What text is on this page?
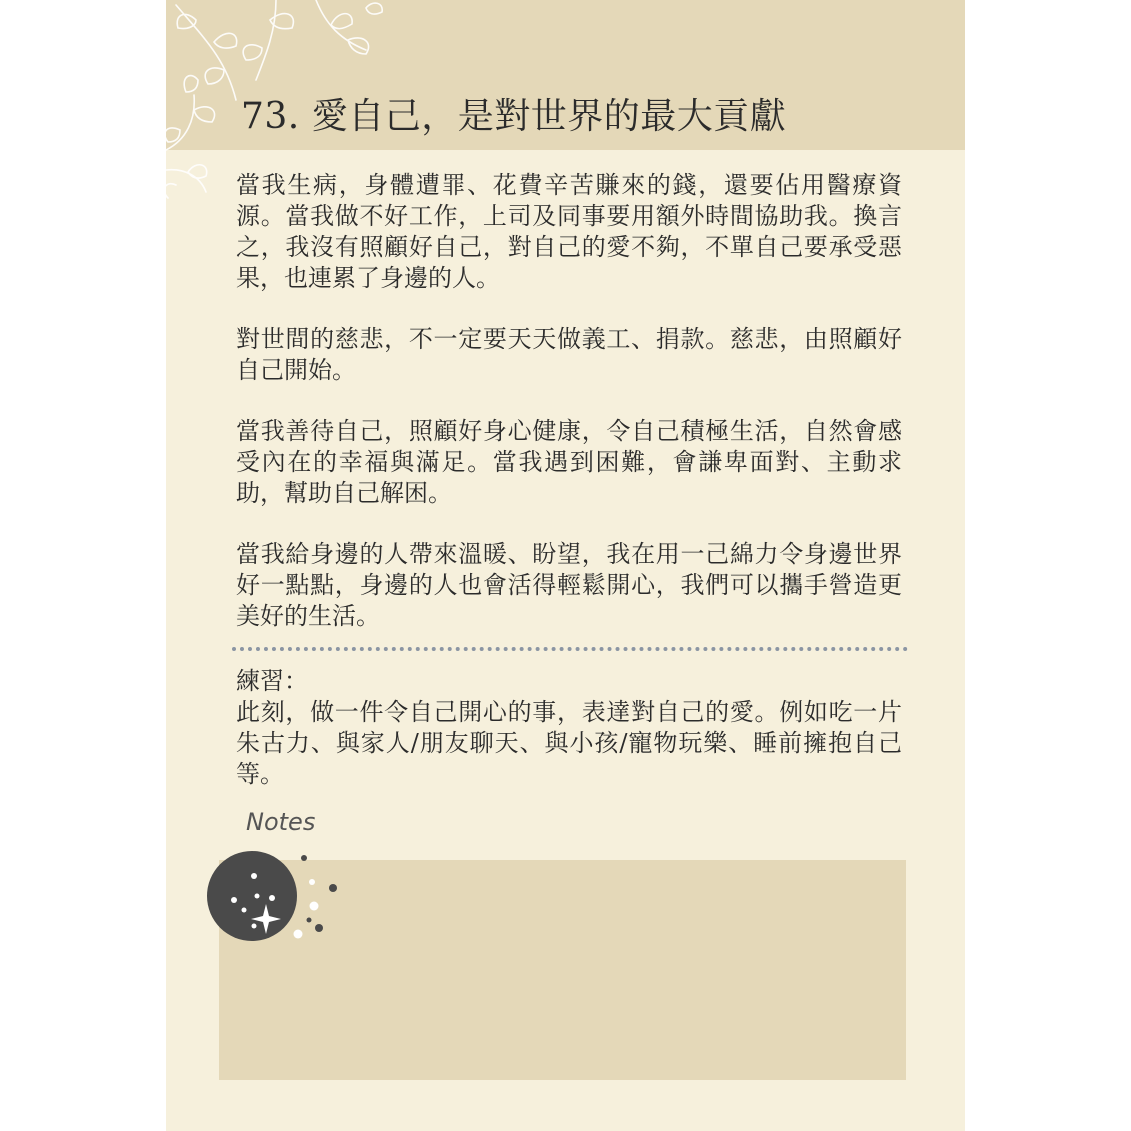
73. 愛自己，是對世界的最大貢獻

當我生病，身體遭罪、花費辛苦賺來的錢，還要佔用醫療資源。當我做不好工作，上司及同事要用額外時間協助我。換言之，我沒有照顧好自己，對自己的愛不夠，不單自己要承受惡果，也連累了身邊的人。

對世間的慈悲，不一定要天天做義工、捐款。慈悲，由照顧好自己開始。

當我善待自己，照顧好身心健康，令自己積極生活，自然會感受內在的幸福與滿足。當我遇到困難，會謙卑面對、主動求助，幫助自己解困。

當我給身邊的人帶來溫暖、盼望，我在用一己綿力令身邊世界好一點點，身邊的人也會活得輕鬆開心，我們可以攜手營造更美好的生活。

練習：

此刻，做一件令自己開心的事，表達對自己的愛。例如吃一片朱古力、與家人/朋友聊天、與小孩/寵物玩樂、睡前擁抱自己等。

Notes
